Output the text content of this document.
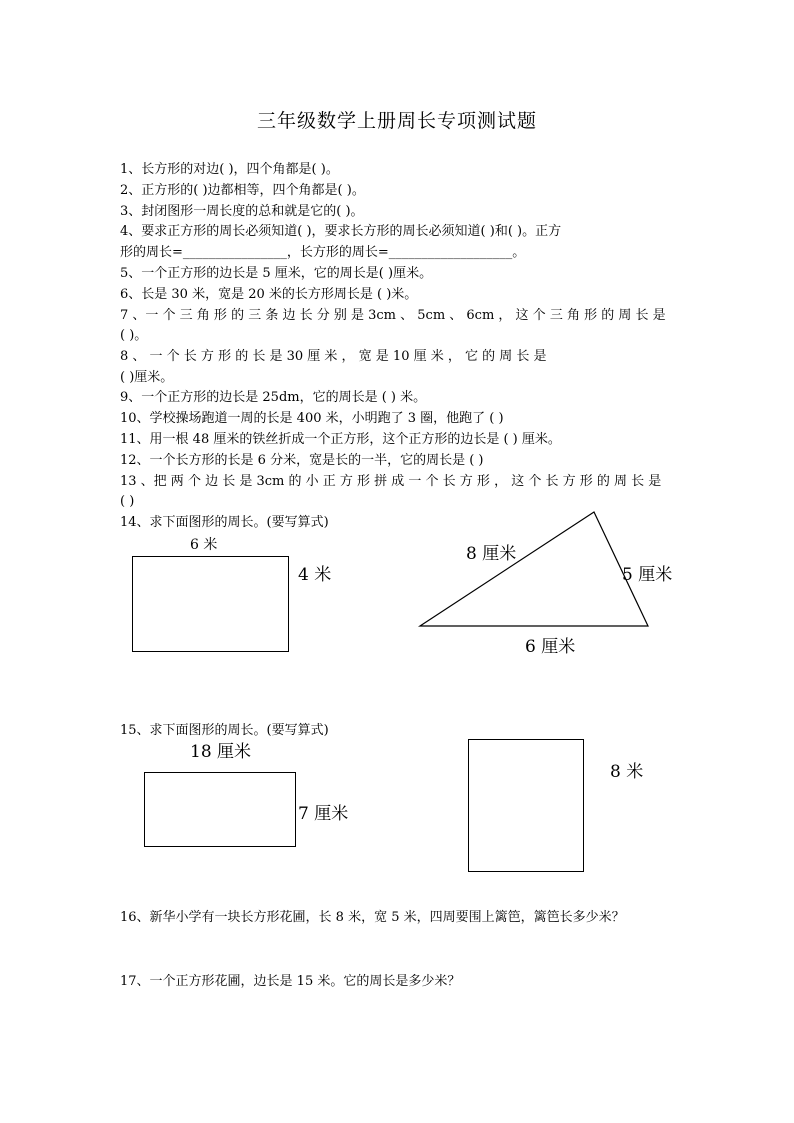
三年级数学上册周长专项测试题
1、长方形的对边( )，四个角都是( )。
2、正方形的( )边都相等，四个角都是( )。
3、封闭图形一周长度的总和就是它的( )。
4、要求正方形的周长必须知道( )，要求长方形的周长必须知道( )和( )。正方
形的周长=________________，长方形的周长=___________________。
5、一个正方形的边长是 5 厘米，它的周长是( )厘米。
6、长是 30 米，宽是 20 米的长方形周长是 ( )米。
7 、一 个 三 角 形 的 三 条 边 长 分 别 是 3cm 、 5cm 、 6cm ， 这 个 三 角 形 的 周 长 是
( )。
8 、 一 个 长 方 形 的 长 是 30 厘 米 ， 宽 是 10 厘 米 ， 它 的 周 长 是
( )厘米。
9、一个正方形的边长是 25dm，它的周长是 ( ) 米。
10、学校操场跑道一周的长是 400 米，小明跑了 3 圈，他跑了 ( )
11、用一根 48 厘米的铁丝折成一个正方形，这个正方形的边长是 ( ) 厘米。
12、一个长方形的长是 6 分米，宽是长的一半，它的周长是 ( )
13 、把 两 个 边 长 是 3cm 的 小 正 方 形 拼 成 一 个 长 方 形 ， 这 个 长 方 形 的 周 长 是
( )
14、求下面图形的周长。(要写算式)
6 米
4 米
8 厘米
5 厘米
6 厘米
15、求下面图形的周长。(要写算式)
18 厘米
7 厘米
8 米
16、新华小学有一块长方形花圃，长 8 米，宽 5 米，四周要围上篱笆，篱笆长多少米？
17、一个正方形花圃，边长是 15 米。它的周长是多少米？
